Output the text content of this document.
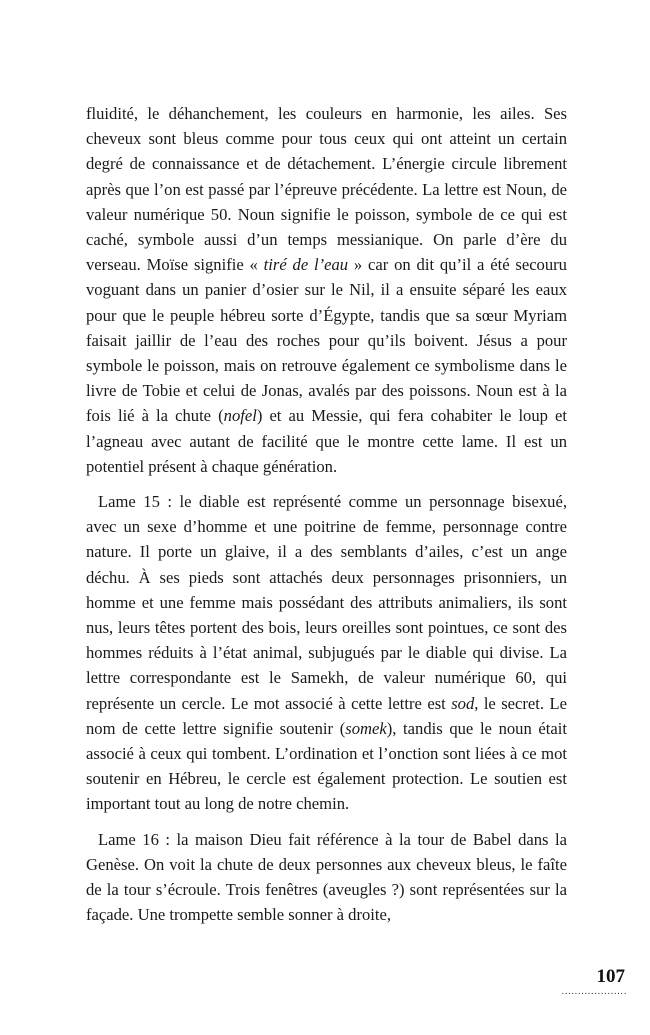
fluidité, le déhanchement, les couleurs en harmonie, les ailes. Ses cheveux sont bleus comme pour tous ceux qui ont atteint un certain degré de connaissance et de détachement. L’énergie circule librement après que l’on est passé par l’épreuve précédente. La lettre est Noun, de valeur numérique 50. Noun signifie le poisson, symbole de ce qui est caché, symbole aussi d’un temps messianique. On parle d’ère du verseau. Moïse signifie « tiré de l’eau » car on dit qu’il a été secouru voguant dans un panier d’osier sur le Nil, il a ensuite séparé les eaux pour que le peuple hébreu sorte d’Égypte, tandis que sa sœur Myriam faisait jaillir de l’eau des roches pour qu’ils boivent. Jésus a pour symbole le poisson, mais on retrouve également ce symbolisme dans le livre de Tobie et celui de Jonas, avalés par des poissons. Noun est à la fois lié à la chute (nofel) et au Messie, qui fera cohabiter le loup et l’agneau avec autant de facilité que le montre cette lame. Il est un potentiel présent à chaque génération.

Lame 15 : le diable est représenté comme un personnage bisexué, avec un sexe d’homme et une poitrine de femme, personnage contre nature. Il porte un glaive, il a des semblants d’ailes, c’est un ange déchu. À ses pieds sont attachés deux personnages prisonniers, un homme et une femme mais possédant des attributs animaliers, ils sont nus, leurs têtes portent des bois, leurs oreilles sont pointues, ce sont des hommes réduits à l’état animal, subjugués par le diable qui divise. La lettre correspondante est le Samekh, de valeur numérique 60, qui représente un cercle. Le mot associé à cette lettre est sod, le secret. Le nom de cette lettre signifie soutenir (somek), tandis que le noun était associé à ceux qui tombent. L’ordination et l’onction sont liées à ce mot soutenir en Hébreu, le cercle est également protection. Le soutien est important tout au long de notre chemin.

Lame 16 : la maison Dieu fait référence à la tour de Babel dans la Genèse. On voit la chute de deux personnes aux cheveux bleus, le faîte de la tour s’écroule. Trois fenêtres (aveugles ?) sont représentées sur la façade. Une trompette semble sonner à droite,

107
....................
